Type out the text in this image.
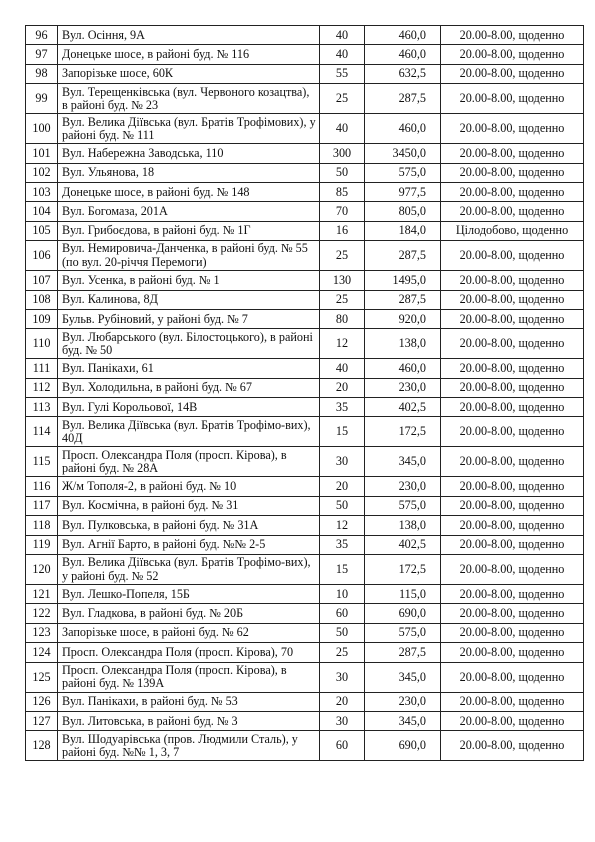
96	Вул. Осіння, 9А	40	460,0	20.00-8.00, щоденно
97	Донецьке шосе, в районі буд. № 116	40	460,0	20.00-8.00, щоденно
98	Запорізьке шосе, 60К	55	632,5	20.00-8.00, щоденно
99	Вул. Терещенківська (вул. Червоного козацтва), в районі буд. № 23	25	287,5	20.00-8.00, щоденно
100	Вул. Велика Діївська (вул. Братів Трофімових), у районі буд. № 111	40	460,0	20.00-8.00, щоденно
101	Вул. Набережна Заводська, 110	300	3450,0	20.00-8.00, щоденно
102	Вул. Ульянова, 18	50	575,0	20.00-8.00, щоденно
103	Донецьке шосе, в районі буд. № 148	85	977,5	20.00-8.00, щоденно
104	Вул. Богомаза, 201А	70	805,0	20.00-8.00, щоденно
105	Вул. Грибоєдова, в районі буд. № 1Г	16	184,0	Цілодобово, щоденно
106	Вул. Немировича-Данченка, в районі буд. № 55 (по вул. 20-річчя Перемоги)	25	287,5	20.00-8.00, щоденно
107	Вул. Усенка, в районі буд. № 1	130	1495,0	20.00-8.00, щоденно
108	Вул. Калинова, 8Д	25	287,5	20.00-8.00, щоденно
109	Бульв. Рубіновий, у районі буд. № 7	80	920,0	20.00-8.00, щоденно
110	Вул. Любарського (вул. Білостоцького), в районі буд. № 50	12	138,0	20.00-8.00, щоденно
111	Вул. Панікахи, 61	40	460,0	20.00-8.00, щоденно
112	Вул. Холодильна, в районі буд. № 67	20	230,0	20.00-8.00, щоденно
113	Вул. Гулі Корольової, 14В	35	402,5	20.00-8.00, щоденно
114	Вул. Велика Діївська (вул. Братів Трофімо-вих), 40Д	15	172,5	20.00-8.00, щоденно
115	Просп. Олександра Поля (просп. Кірова), в районі буд. № 28А	30	345,0	20.00-8.00, щоденно
116	Ж/м Тополя-2, в районі буд. № 10	20	230,0	20.00-8.00, щоденно
117	Вул. Космічна, в районі буд. № 31	50	575,0	20.00-8.00, щоденно
118	Вул. Пулковська, в районі буд. № 31А	12	138,0	20.00-8.00, щоденно
119	Вул. Агнії Барто, в районі буд. №№ 2-5	35	402,5	20.00-8.00, щоденно
120	Вул. Велика Діївська (вул. Братів Трофімо-вих), у районі буд. № 52	15	172,5	20.00-8.00, щоденно
121	Вул. Лешко-Попеля, 15Б	10	115,0	20.00-8.00, щоденно
122	Вул. Гладкова, в районі буд. № 20Б	60	690,0	20.00-8.00, щоденно
123	Запорізьке шосе, в районі буд. № 62	50	575,0	20.00-8.00, щоденно
124	Просп. Олександра Поля (просп. Кірова), 70	25	287,5	20.00-8.00, щоденно
125	Просп. Олександра Поля (просп. Кірова), в районі буд. № 139А	30	345,0	20.00-8.00, щоденно
126	Вул. Панікахи, в районі буд. № 53	20	230,0	20.00-8.00, щоденно
127	Вул. Литовська, в районі буд. № 3	30	345,0	20.00-8.00, щоденно
128	Вул. Шодуарівська (пров. Людмили Сталь), у районі буд. №№ 1, 3, 7	60	690,0	20.00-8.00, щоденно
